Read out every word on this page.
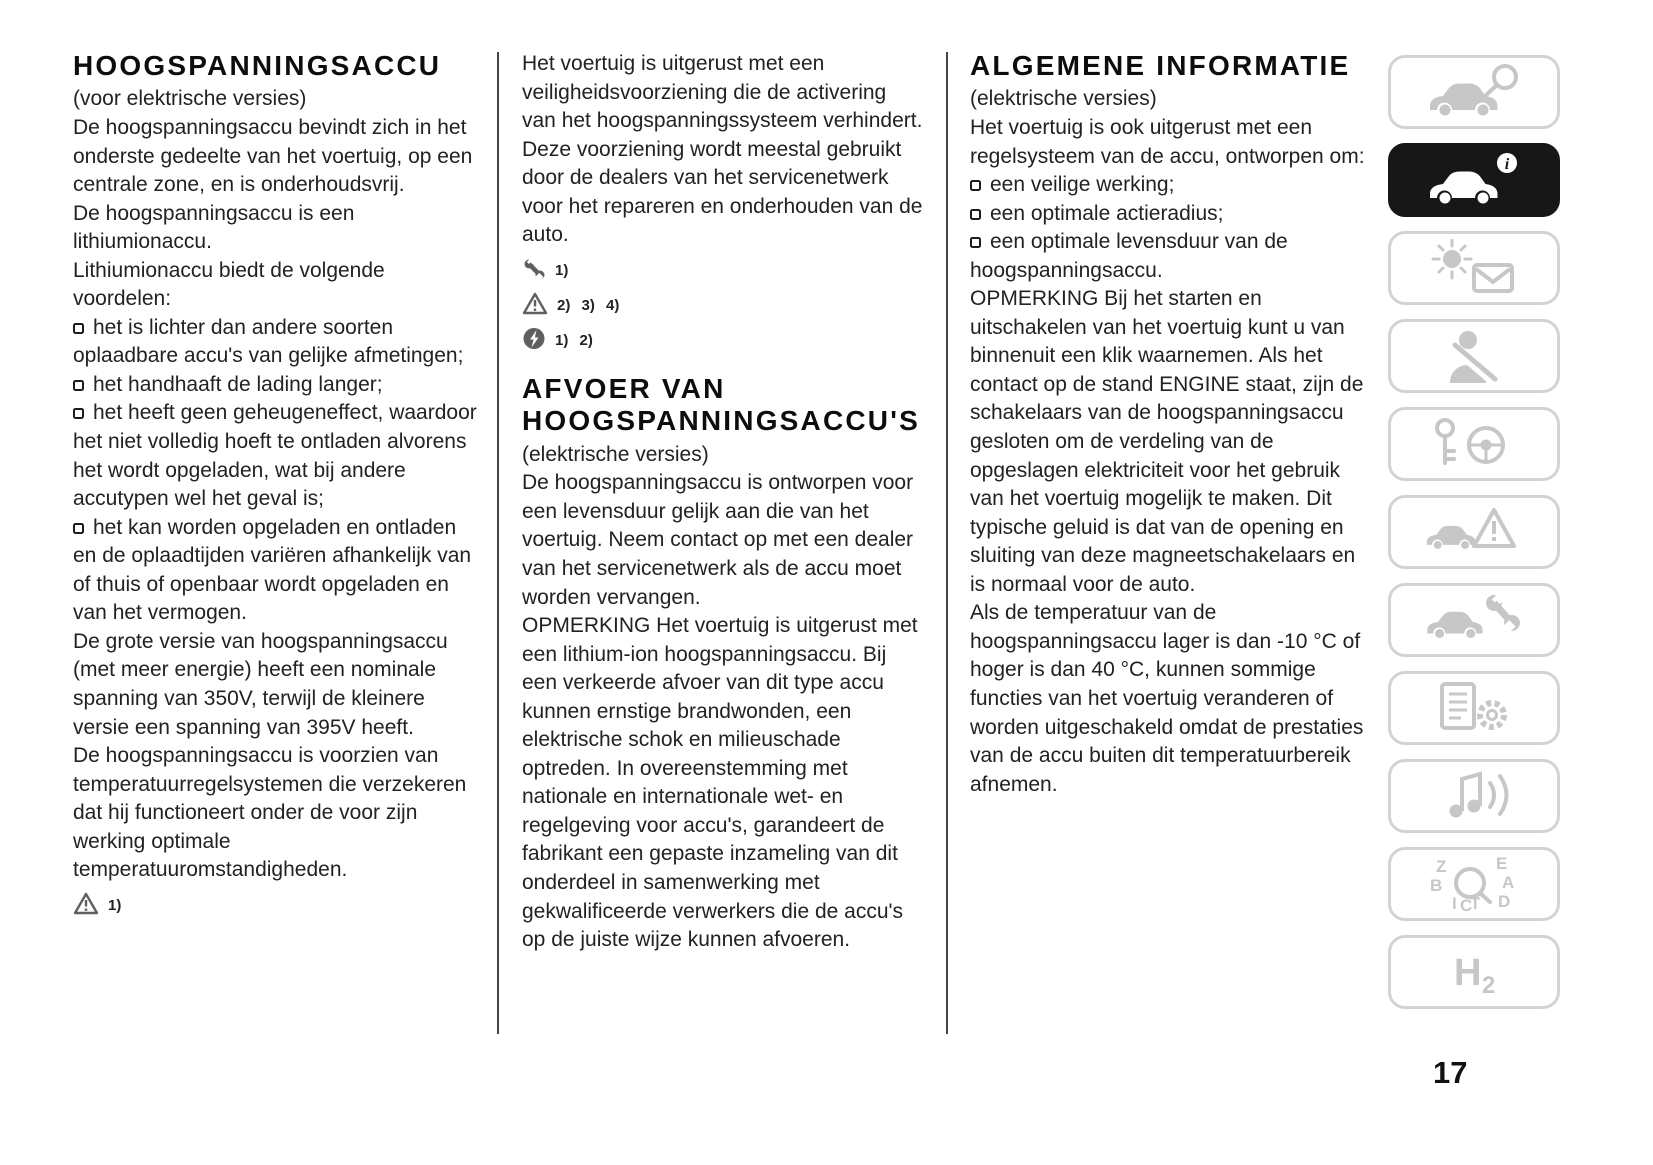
HOOGSPANNINGSACCU

(voor elektrische versies)

De hoogspanningsaccu bevindt zich in het onderste gedeelte van het voertuig, op een centrale zone, en is onderhoudsvrij.

De hoogspanningsaccu is een lithiumionaccu.

Lithiumionaccu biedt de volgende voordelen:

het is lichter dan andere soorten oplaadbare accu's van gelijke afmetingen;

het handhaaft de lading langer;

het heeft geen geheugeneffect, waardoor het niet volledig hoeft te ontladen alvorens het wordt opgeladen, wat bij andere accutypen wel het geval is;

het kan worden opgeladen en ontladen en de oplaadtijden variëren afhankelijk van of thuis of openbaar wordt opgeladen en van het vermogen.

De grote versie van hoogspanningsaccu (met meer energie) heeft een nominale spanning van 350V, terwijl de kleinere versie een spanning van 395V heeft.

De hoogspanningsaccu is voorzien van temperatuurregelsystemen die verzekeren dat hij functioneert onder de voor zijn werking optimale temperatuuromstandigheden.

1)

Het voertuig is uitgerust met een veiligheidsvoorziening die de activering van het hoogspanningssysteem verhindert. Deze voorziening wordt meestal gebruikt door de dealers van het servicenetwerk voor het repareren en onderhouden van de auto.

1)
2) 3) 4)
1) 2)
AFVOER VAN HOOGSPANNINGSACCU'S

(elektrische versies)

De hoogspanningsaccu is ontworpen voor een levensduur gelijk aan die van het voertuig. Neem contact op met een dealer van het servicenetwerk als de accu moet worden vervangen.

OPMERKING Het voertuig is uitgerust met een lithium-ion hoogspanningsaccu. Bij een verkeerde afvoer van dit type accu kunnen ernstige brandwonden, een elektrische schok en milieuschade optreden. In overeenstemming met nationale en internationale wet- en regelgeving voor accu's, garandeert de fabrikant een gepaste inzameling van dit onderdeel in samenwerking met gekwalificeerde verwerkers die de accu's op de juiste wijze kunnen afvoeren.

ALGEMENE INFORMATIE

(elektrische versies)

Het voertuig is ook uitgerust met een regelsysteem van de accu, ontworpen om:

een veilige werking;

een optimale actieradius;

een optimale levensduur van de hoogspanningsaccu.

OPMERKING Bij het starten en uitschakelen van het voertuig kunt u van binnenuit een klik waarnemen. Als het contact op de stand ENGINE staat, zijn de schakelaars van de hoogspanningsaccu gesloten om de verdeling van de opgeslagen elektriciteit voor het gebruik van het voertuig mogelijk te maken. Dit typische geluid is dat van de opening en sluiting van deze magneetschakelaars en is normaal voor de auto.

Als de temperatuur van de hoogspanningsaccu lager is dan -10 °C of hoger is dan 40 °C, kunnen sommige functies van het voertuig veranderen of worden uitgeschakeld omdat de prestaties van de accu buiten dit temperatuurbereik afnemen.

i
Z	E
B	A
D
I C
T
H 2
17
